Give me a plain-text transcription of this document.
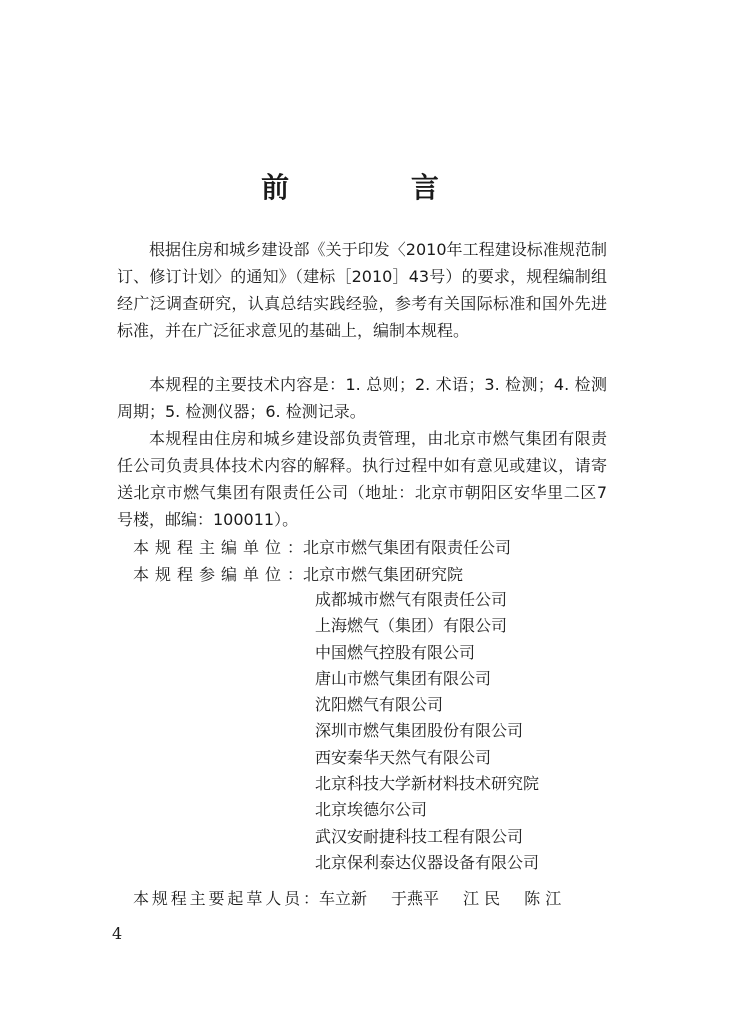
前 言
根据住房和城乡建设部《关于印发〈2010年工程建设标准规范制订、修订计划〉的通知》（建标［2010］43号）的要求，规程编制组经广泛调查研究，认真总结实践经验，参考有关国际标准和国外先进标准，并在广泛征求意见的基础上，编制本规程。
本规程的主要技术内容是：1. 总则；2. 术语；3. 检测；4. 检测周期；5. 检测仪器；6. 检测记录。
本规程由住房和城乡建设部负责管理，由北京市燃气集团有限责任公司负责具体技术内容的解释。执行过程中如有意见或建议，请寄送北京市燃气集团有限责任公司（地址：北京市朝阳区安华里二区7号楼，邮编：100011）。
本规程主编单位：北京市燃气集团有限责任公司
本规程参编单位：北京市燃气集团研究院
成都城市燃气有限责任公司
上海燃气（集团）有限公司
中国燃气控股有限公司
唐山市燃气集团有限公司
沈阳燃气有限公司
深圳市燃气集团股份有限公司
西安秦华天然气有限公司
北京科技大学新材料技术研究院
北京埃德尔公司
武汉安耐捷科技工程有限公司
北京保利泰达仪器设备有限公司
本规程主要起草人员：车立新 于燕平 江 民 陈 江
4
